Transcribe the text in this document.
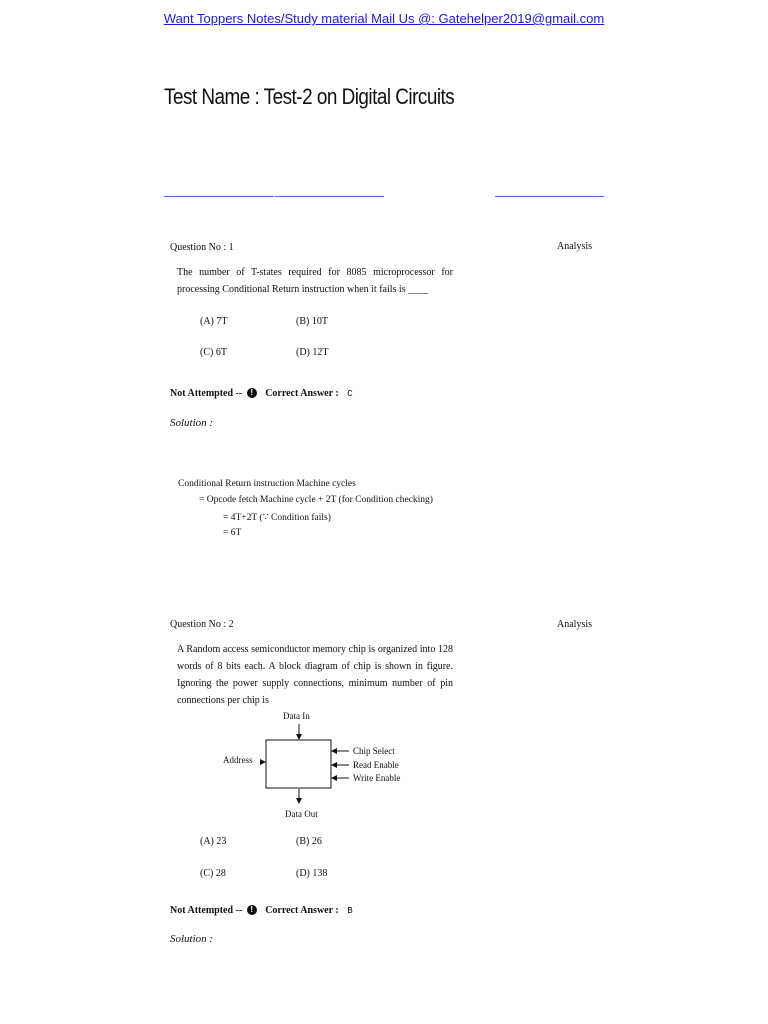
Want Toppers Notes/Study material Mail Us @: Gatehelper2019@gmail.com
Test Name : Test-2 on Digital Circuits
Question No : 1	Analysis
The number of T-states required for 8085 microprocessor for processing Conditional Return instruction when it fails is ____
(A) 7T	(B) 10T
(C) 6T	(D) 12T
Not Attempted -- ! Correct Answer : C
Solution :
Conditional Return instruction Machine cycles
= Opcode fetch Machine cycle + 2T (for Condition checking)
= 4T+2T (∵ Condition fails)
= 6T
Question No : 2	Analysis
A Random access semiconductor memory chip is organized into 128 words of 8 bits each. A block diagram of chip is shown in figure. Ignoring the power supply connections, minimum number of pin connections per chip is
Data In
Address
Chip Select
Read Enable
Write Enable
Data Out
(A) 23	(B) 26
(C) 28	(D) 138
Not Attempted -- ! Correct Answer : B
Solution :
